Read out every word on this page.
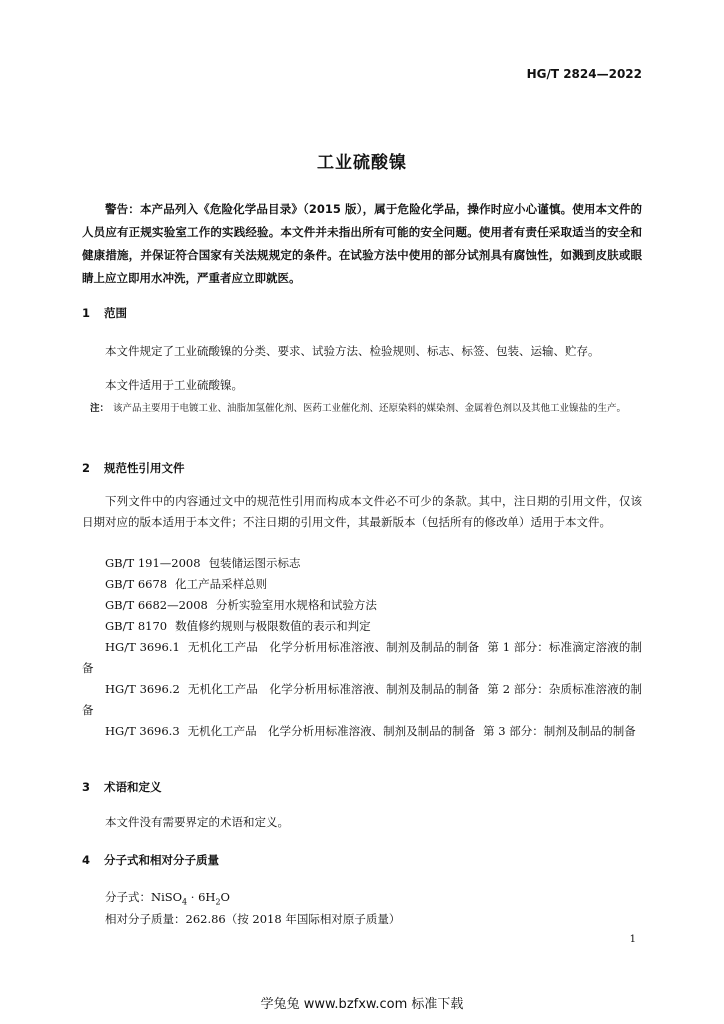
HG/T 2824—2022
工业硫酸镍
警告：本产品列入《危险化学品目录》（2015 版），属于危险化学品，操作时应小心谨慎。使用本文件的人员应有正规实验室工作的实践经验。本文件并未指出所有可能的安全问题。使用者有责任采取适当的安全和健康措施，并保证符合国家有关法规规定的条件。在试验方法中使用的部分试剂具有腐蚀性，如溅到皮肤或眼睛上应立即用水冲洗，严重者应立即就医。
1 范围
本文件规定了工业硫酸镍的分类、要求、试验方法、检验规则、标志、标签、包装、运输、贮存。
本文件适用于工业硫酸镍。
注： 该产品主要用于电镀工业、油脂加氢催化剂、医药工业催化剂、还原染料的媒染剂、金属着色剂以及其他工业镍盐的生产。
2 规范性引用文件
下列文件中的内容通过文中的规范性引用而构成本文件必不可少的条款。其中，注日期的引用文件，仅该日期对应的版本适用于本文件；不注日期的引用文件，其最新版本（包括所有的修改单）适用于本文件。

GB/T 191—2008 包装储运图示标志

GB/T 6678 化工产品采样总则

GB/T 6682—2008 分析实验室用水规格和试验方法

GB/T 8170 数值修约规则与极限数值的表示和判定

HG/T 3696.1 无机化工产品　化学分析用标准溶液、制剂及制品的制备 第 1 部分：标准滴定溶液的制备

HG/T 3696.2 无机化工产品　化学分析用标准溶液、制剂及制品的制备 第 2 部分：杂质标准溶液的制备

HG/T 3696.3 无机化工产品　化学分析用标准溶液、制剂及制品的制备 第 3 部分：制剂及制品的制备

3 术语和定义
本文件没有需要界定的术语和定义。
4 分子式和相对分子质量
分子式：NiSO$_4$ · $6H_2O$
相对分子质量：262.86（按 2018 年国际相对原子质量）
1
学兔兔 www.bzfxw.com 标准下载
